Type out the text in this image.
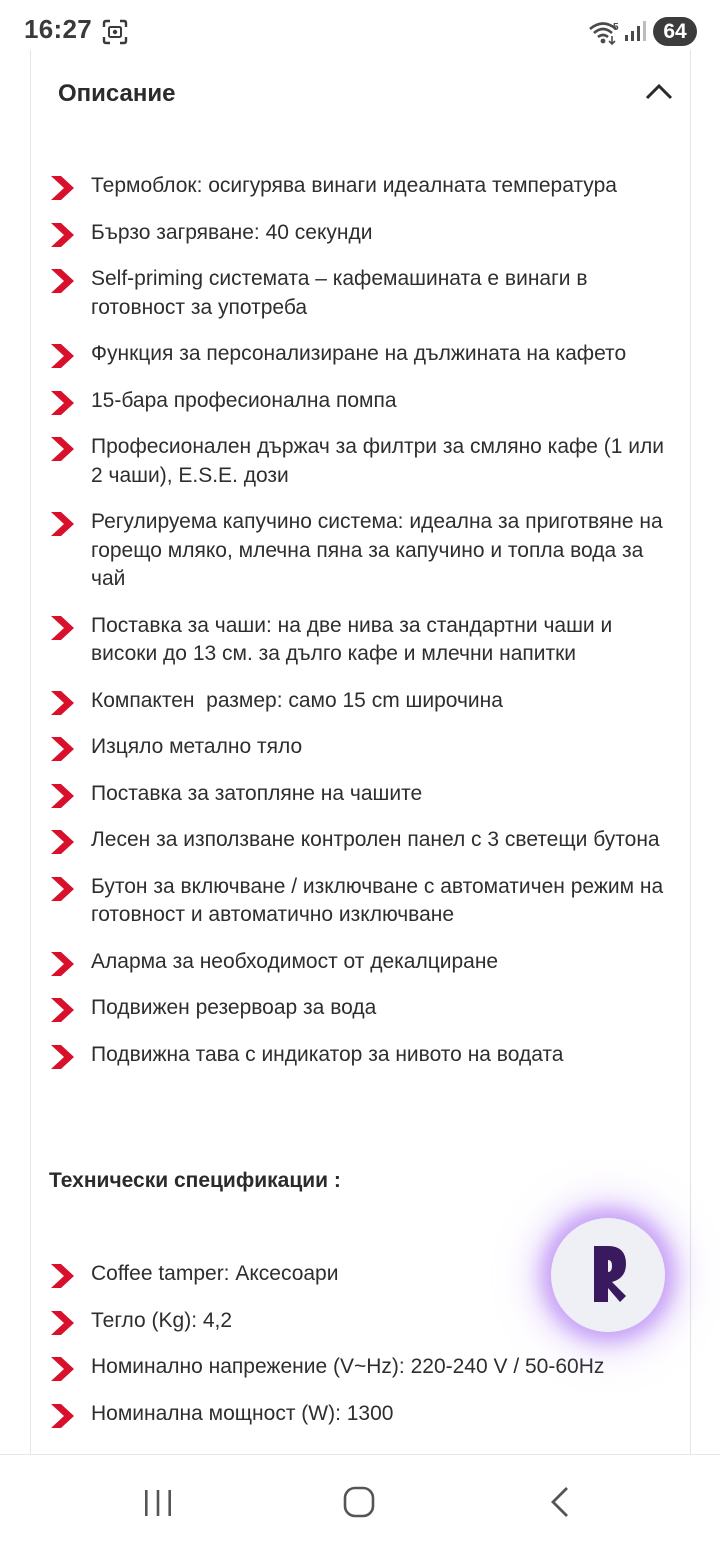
16:27	5	64
Описание
Термоблок: осигурява винаги идеалната температура
Бързо загряване: 40 секунди
Self-priming системата – кафемашината е винаги в готовност за употреба
Функция за персонализиране на дължината на кафето
15-бара професионална помпа
Професионален държач за филтри за смляно кафе (1 или 2 чаши), E.S.E. дози
Регулируема капучино система: идеална за приготвяне на горещо мляко, млечна пяна за капучино и топла вода за чай
Поставка за чаши: на две нива за стандартни чаши и високи до 13 см. за дълго кафе и млечни напитки
Компактен  размер: само 15 cm широчина
Изцяло метално тяло
Поставка за затопляне на чашите
Лесен за използване контролен панел с 3 светещи бутона
Бутон за включване / изключване с автоматичен режим на готовност и автоматично изключване
Аларма за необходимост от декалциране
Подвижен резервоар за вода
Подвижна тава с индикатор за нивото на водата
Технически спецификации :
Coffee tamper: Аксесоари
Тегло (Kg): 4,2
Номинално напрежение (V~Hz): 220-240 V / 50-60Hz
Номинална мощност (W): 1300
